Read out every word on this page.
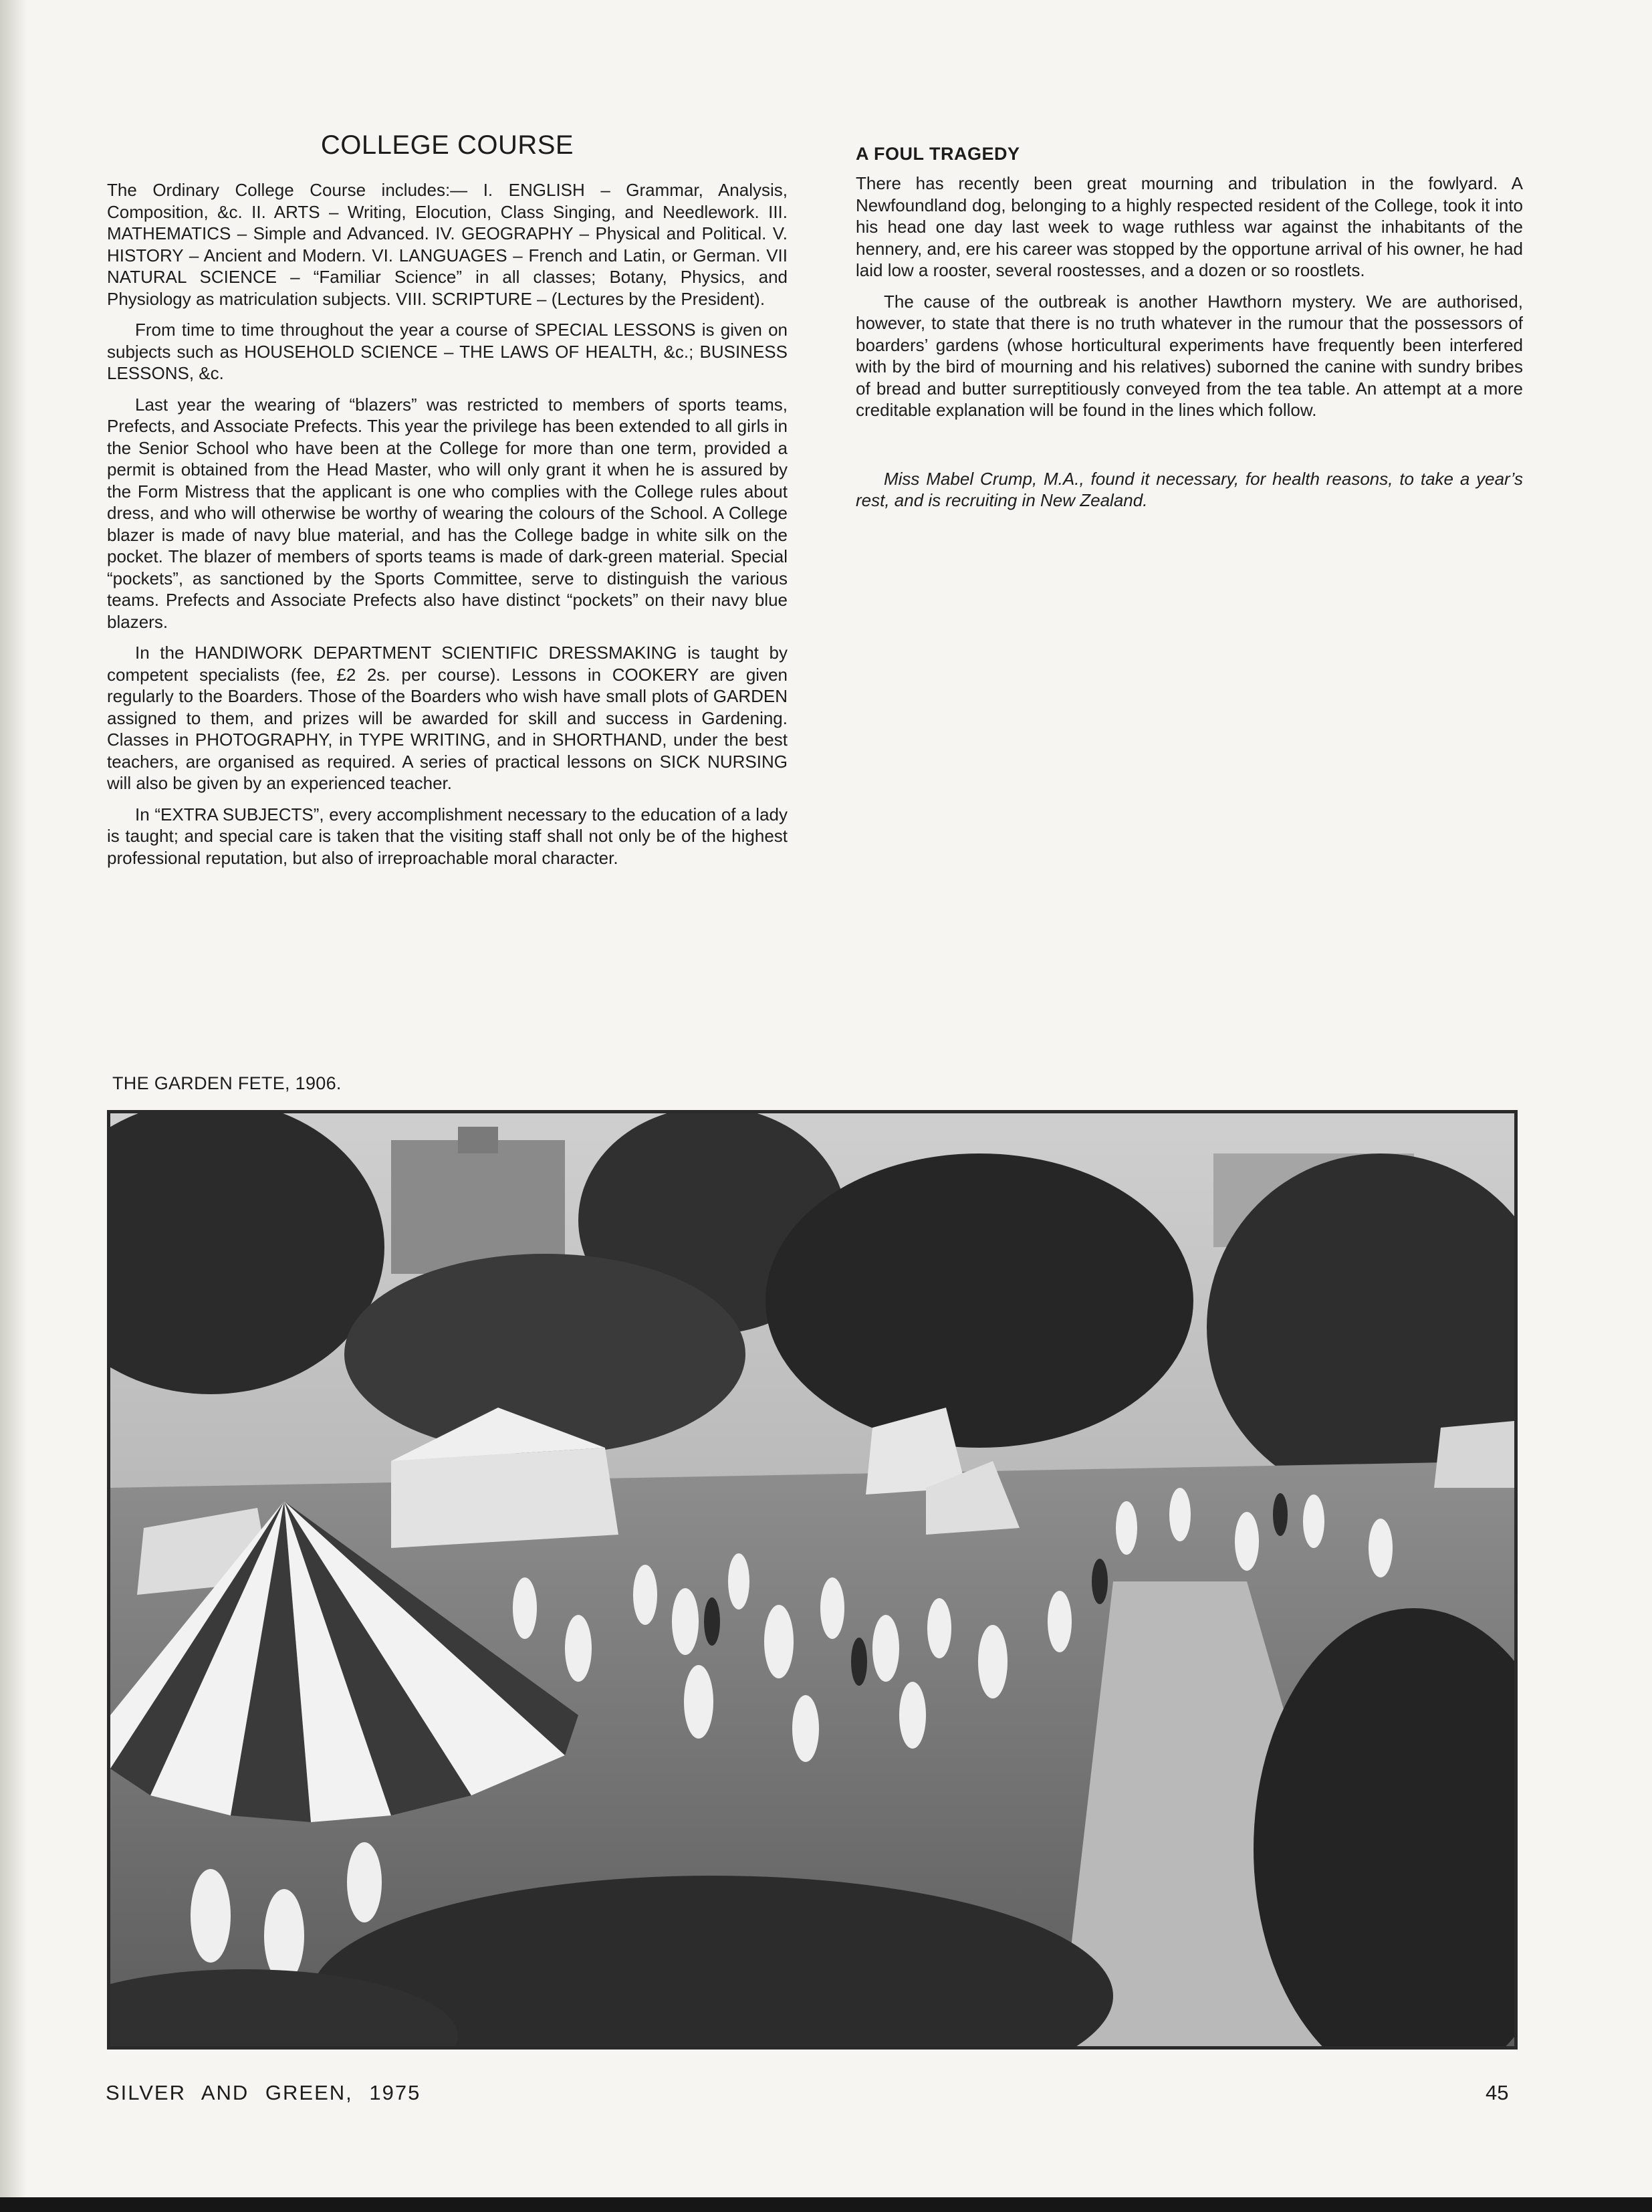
COLLEGE COURSE

The Ordinary College Course includes:— I. ENGLISH – Grammar, Analysis, Composition, &c. II. ARTS – Writing, Elocution, Class Singing, and Needlework. III. MATHEMATICS – Simple and Advanced. IV. GEOGRAPHY – Physical and Political. V. HISTORY – Ancient and Modern. VI. LANGUAGES – French and Latin, or German. VII NATURAL SCIENCE – “Familiar Science” in all classes; Botany, Physics, and Physiology as matriculation subjects. VIII. SCRIPTURE – (Lectures by the President).

From time to time throughout the year a course of SPECIAL LESSONS is given on subjects such as HOUSEHOLD SCIENCE – THE LAWS OF HEALTH, &c.; BUSINESS LESSONS, &c.

Last year the wearing of “blazers” was restricted to members of sports teams, Prefects, and Associate Prefects. This year the privilege has been extended to all girls in the Senior School who have been at the College for more than one term, provided a permit is obtained from the Head Master, who will only grant it when he is assured by the Form Mistress that the applicant is one who complies with the College rules about dress, and who will otherwise be worthy of wearing the colours of the School. A College blazer is made of navy blue material, and has the College badge in white silk on the pocket. The blazer of members of sports teams is made of dark-green material. Special “pockets”, as sanctioned by the Sports Committee, serve to distinguish the various teams. Prefects and Associate Prefects also have distinct “pockets” on their navy blue blazers.

In the HANDIWORK DEPARTMENT SCIENTIFIC DRESSMAKING is taught by competent specialists (fee, £2 2s. per course). Lessons in COOKERY are given regularly to the Boarders. Those of the Boarders who wish have small plots of GARDEN assigned to them, and prizes will be awarded for skill and success in Gardening. Classes in PHOTOGRAPHY, in TYPE WRITING, and in SHORTHAND, under the best teachers, are organised as required. A series of practical lessons on SICK NURSING will also be given by an experienced teacher.

In “EXTRA SUBJECTS”, every accomplishment necessary to the education of a lady is taught; and special care is taken that the visiting staff shall not only be of the highest professional reputation, but also of irreproachable moral character.

A FOUL TRAGEDY

There has recently been great mourning and tribulation in the fowlyard. A Newfoundland dog, belonging to a highly respected resident of the College, took it into his head one day last week to wage ruthless war against the inhabitants of the hennery, and, ere his career was stopped by the opportune arrival of his owner, he had laid low a rooster, several roostesses, and a dozen or so roostlets.

The cause of the outbreak is another Hawthorn mystery. We are authorised, however, to state that there is no truth whatever in the rumour that the possessors of boarders’ gardens (whose horticultural experiments have frequently been interfered with by the bird of mourning and his relatives) suborned the canine with sundry bribes of bread and butter surreptitiously conveyed from the tea table. An attempt at a more creditable explanation will be found in the lines which follow.

Miss Mabel Crump, M.A., found it necessary, for health reasons, to take a year’s rest, and is recruiting in New Zealand.

THE GARDEN FETE, 1906.
SILVER AND GREEN, 1975	45
